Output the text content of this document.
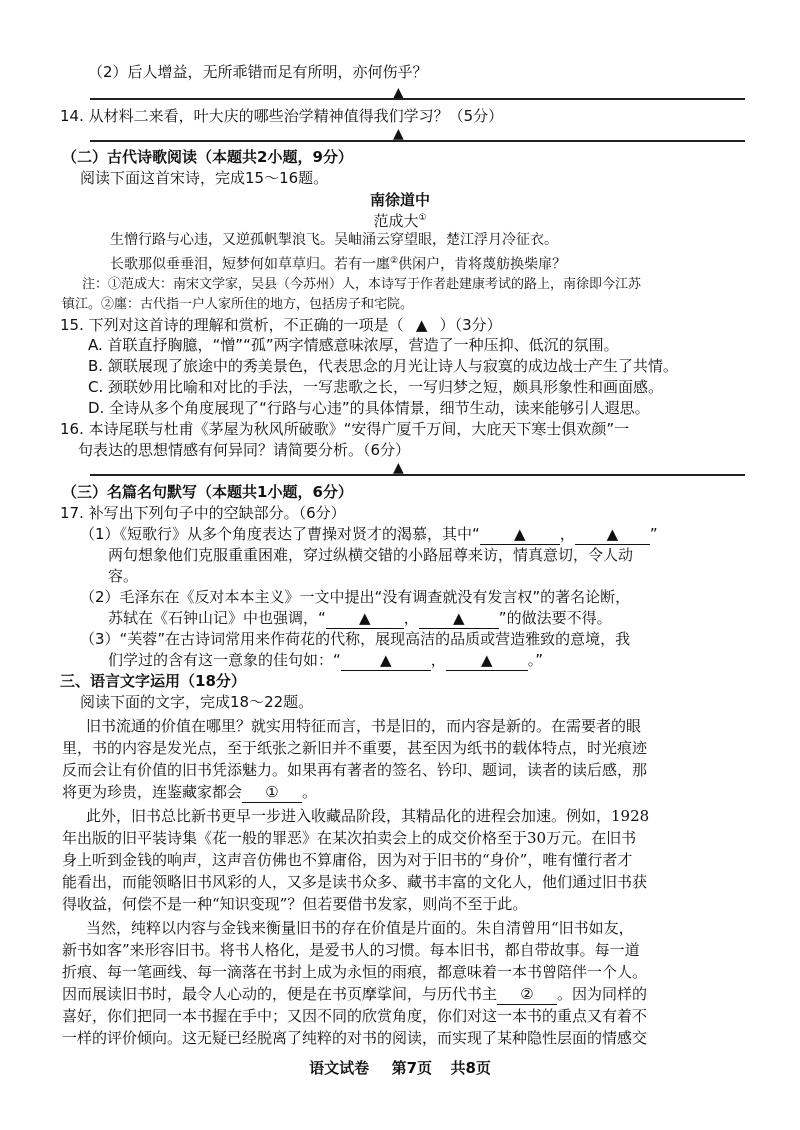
（2）后人增益，无所乖错而足有所明，亦何伤乎？
▲
14. 从材料二来看，叶大庆的哪些治学精神值得我们学习？（5分）
▲
（二）古代诗歌阅读（本题共2小题，9分）
阅读下面这首宋诗，完成15～16题。
南徐道中
范成大①
生憎行路与心违，又逆孤帆掣浪飞。吴岫涌云穿望眼，楚江浮月冷征衣。
长歌那似垂垂泪，短梦何如草草归。若有一廛②供闲户，肯将蔑舫换柴扉？
注：①范成大：南宋文学家，吴县（今苏州）人，本诗写于作者赴建康考试的路上，南徐即今江苏
镇江。②廛：古代指一户人家所住的地方，包括房子和宅院。
15. 下列对这首诗的理解和赏析，不正确的一项是（ ▲ ）（3分）
A. 首联直抒胸臆，“憎”“孤”两字情感意味浓厚，营造了一种压抑、低沉的氛围。
B. 颔联展现了旅途中的秀美景色，代表思念的月光让诗人与寂寞的成边战士产生了共情。
C. 颈联妙用比喻和对比的手法，一写悲歌之长，一写归梦之短，颇具形象性和画面感。
D. 全诗从多个角度展现了“行路与心违”的具体情景，细节生动，读来能够引人遐思。
16. 本诗尾联与杜甫《茅屋为秋风所破歌》“安得广厦千万间，大庇天下寒士俱欢颜”一
句表达的思想情感有何异同？请简要分析。（6分）
▲
（三）名篇名句默写（本题共1小题，6分）
17. 补写出下列句子中的空缺部分。（6分）
（1）《短歌行》从多个角度表达了曹操对贤才的渴慕，其中“ ▲ ， ▲ ”
两句想象他们克服重重困难，穿过纵横交错的小路屈尊来访，情真意切，令人动
容。
（2）毛泽东在《反对本本主义》一文中提出“没有调查就没有发言权”的著名论断，
苏轼在《石钟山记》中也强调，“ ▲ ， ▲ ”的做法要不得。
（3）“芙蓉”在古诗词常用来作荷花的代称，展现高洁的品质或营造雅致的意境，我
们学过的含有这一意象的佳句如：“	▲	， ▲ 。”
三、语言文字运用（18分）
阅读下面的文字，完成18～22题。
旧书流通的价值在哪里？就实用特征而言，书是旧的，而内容是新的。在需要者的眼
里，书的内容是发光点，至于纸张之新旧并不重要，甚至因为纸书的载体特点，时光痕迹
反而会让有价值的旧书凭添魅力。如果再有著者的签名、钤印、题词，读者的读后感，那
将更为珍贵，连鉴藏家都会 ① 。
此外，旧书总比新书更早一步进入收藏品阶段，其精品化的进程会加速。例如，1928
年出版的旧平装诗集《花一般的罪恶》在某次拍卖会上的成交价格至于30万元。在旧书
身上听到金钱的响声，这声音仿佛也不算庸俗，因为对于旧书的“身价”，唯有懂行者才
能看出，而能领略旧书风彩的人，又多是读书众多、藏书丰富的文化人，他们通过旧书获
得收益，何偿不是一种“知识变现”？但若要借书发家，则尚不至于此。
当然，纯粹以内容与金钱来衡量旧书的存在价值是片面的。朱自清曾用“旧书如友，
新书如客”来形容旧书。将书人格化，是爱书人的习惯。每本旧书，都自带故事。每一道
折痕、每一笔画线、每一滴落在书封上成为永恒的雨痕，都意味着一本书曾陪伴一个人。
因而展读旧书时，最令人心动的，便是在书页摩挲间，与历代书主 ② 。因为同样的
喜好，你们把同一本书握在手中；又因不同的欣赏角度，你们对这一本书的重点又有着不
一样的评价倾向。这无疑已经脱离了纯粹的对书的阅读，而实现了某种隐性层面的情感交
语文试卷 第7页 共8页
